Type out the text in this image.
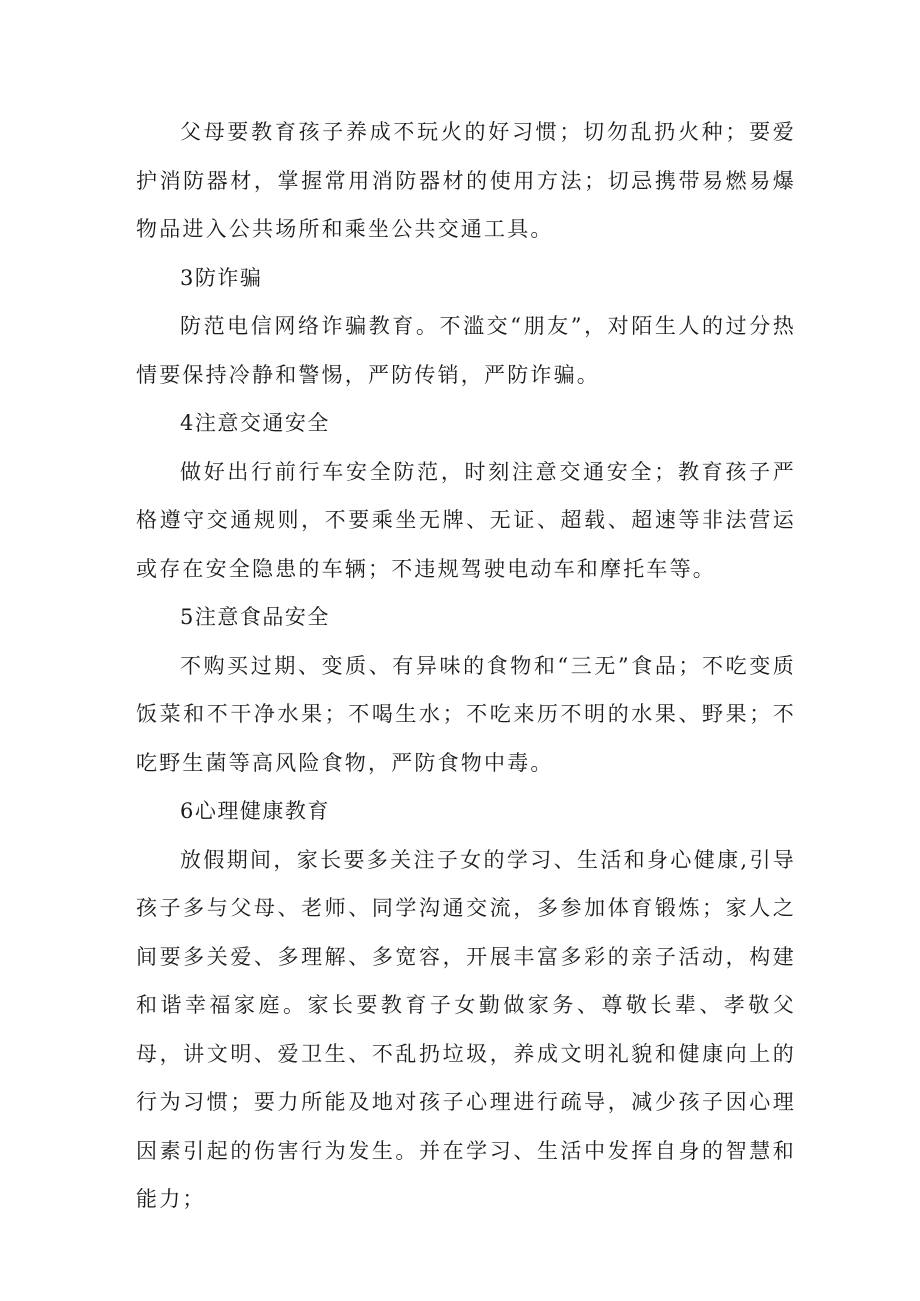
父母要教育孩子养成不玩火的好习惯；切勿乱扔火种；要爱护消防器材，掌握常用消防器材的使用方法；切忌携带易燃易爆物品进入公共场所和乘坐公共交通工具。

3防诈骗

防范电信网络诈骗教育。不滥交“朋友”，对陌生人的过分热情要保持冷静和警惕，严防传销，严防诈骗。

4注意交通安全

做好出行前行车安全防范，时刻注意交通安全；教育孩子严格遵守交通规则，不要乘坐无牌、无证、超载、超速等非法营运或存在安全隐患的车辆；不违规驾驶电动车和摩托车等。

5注意食品安全

不购买过期、变质、有异味的食物和“三无”食品；不吃变质饭菜和不干净水果；不喝生水；不吃来历不明的水果、野果；不吃野生菌等高风险食物，严防食物中毒。

6心理健康教育

放假期间，家长要多关注子女的学习、生活和身心健康,引导孩子多与父母、老师、同学沟通交流，多参加体育锻炼；家人之间要多关爱、多理解、多宽容，开展丰富多彩的亲子活动，构建和谐幸福家庭。家长要教育子女勤做家务、尊敬长辈、孝敬父母，讲文明、爱卫生、不乱扔垃圾，养成文明礼貌和健康向上的行为习惯；要力所能及地对孩子心理进行疏导，减少孩子因心理因素引起的伤害行为发生。并在学习、生活中发挥自身的智慧和能力；
